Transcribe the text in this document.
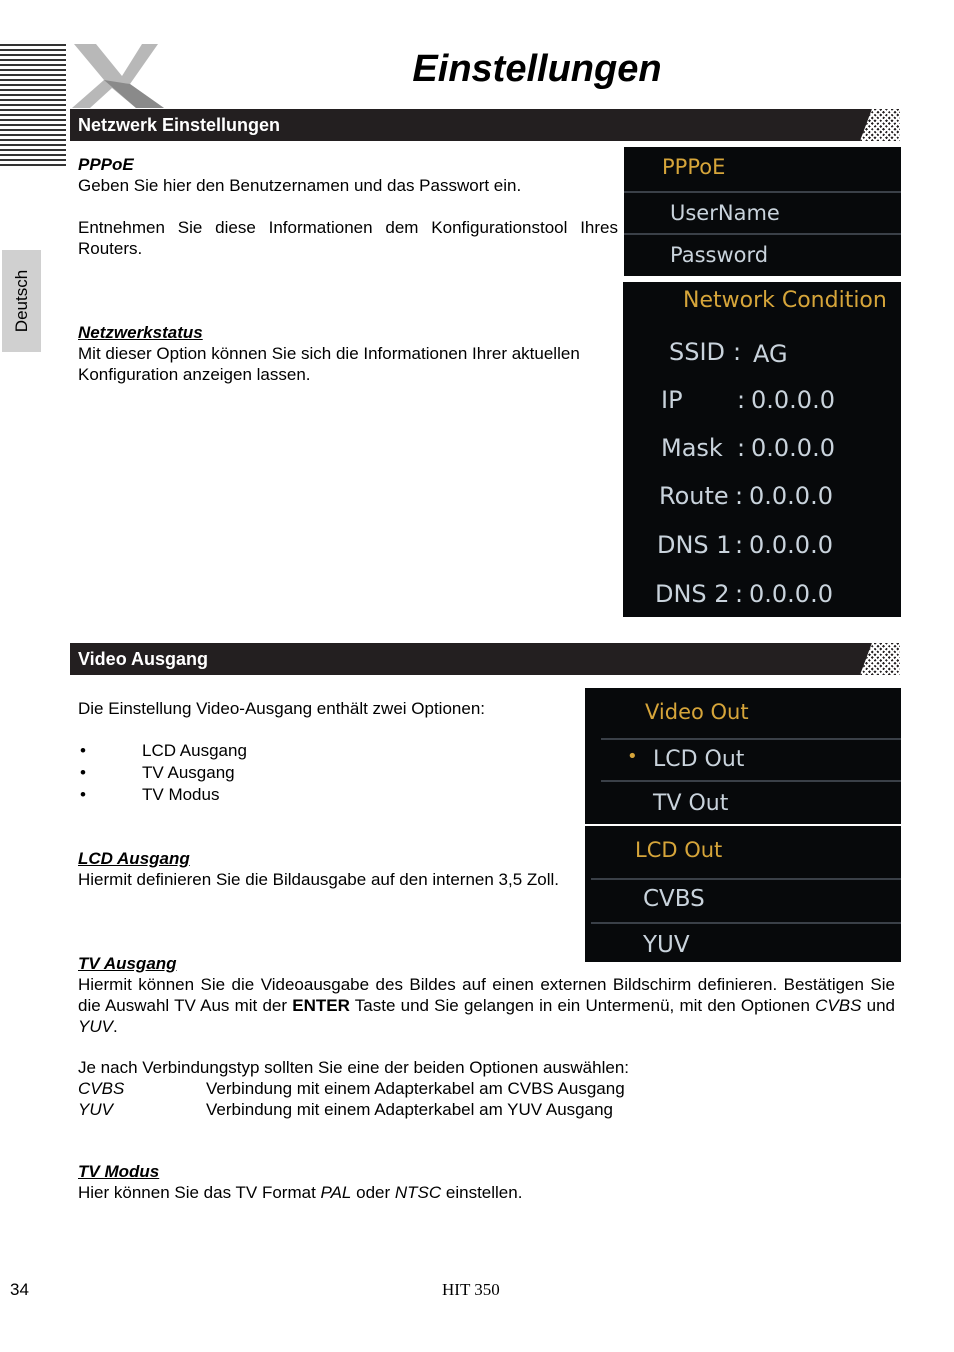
Einstellungen
Deutsch
Netzwerk Einstellungen
PPPoE
Geben Sie hier den Benutzernamen und das Passwort ein.
Entnehmen Sie diese Informationen dem Konfigurationstool Ihres Routers.
Netzwerkstatus
Mit dieser Option können Sie sich die Informationen Ihrer aktuellen Konfiguration anzeigen lassen.
PPPoE
UserName
Password
Network Condition
SSID : AG
IP : 0.0.0.0
Mask : 0.0.0.0
Route : 0.0.0.0
DNS 1 : 0.0.0.0
DNS 2 : 0.0.0.0
Video Ausgang
Die Einstellung Video-Ausgang enthält zwei Optionen:
•	LCD Ausgang
•	TV Ausgang
•	TV Modus
LCD Ausgang
Hiermit definieren Sie die Bildausgabe auf den internen 3,5 Zoll.
Video Out
• LCD Out
TV Out
LCD Out
CVBS
YUV
TV Ausgang
Hiermit können Sie die Videoausgabe des Bildes auf einen externen Bildschirm definieren. Bestätigen Sie die Auswahl TV Aus mit der ENTER Taste und Sie gelangen in ein Untermenü, mit den Optionen CVBS und YUV.
Je nach Verbindungstyp sollten Sie eine der beiden Optionen auswählen:
CVBS	Verbindung mit einem Adapterkabel am CVBS Ausgang
YUV	Verbindung mit einem Adapterkabel am YUV Ausgang
TV Modus
Hier können Sie das TV Format PAL oder NTSC einstellen.
34	HIT 350
